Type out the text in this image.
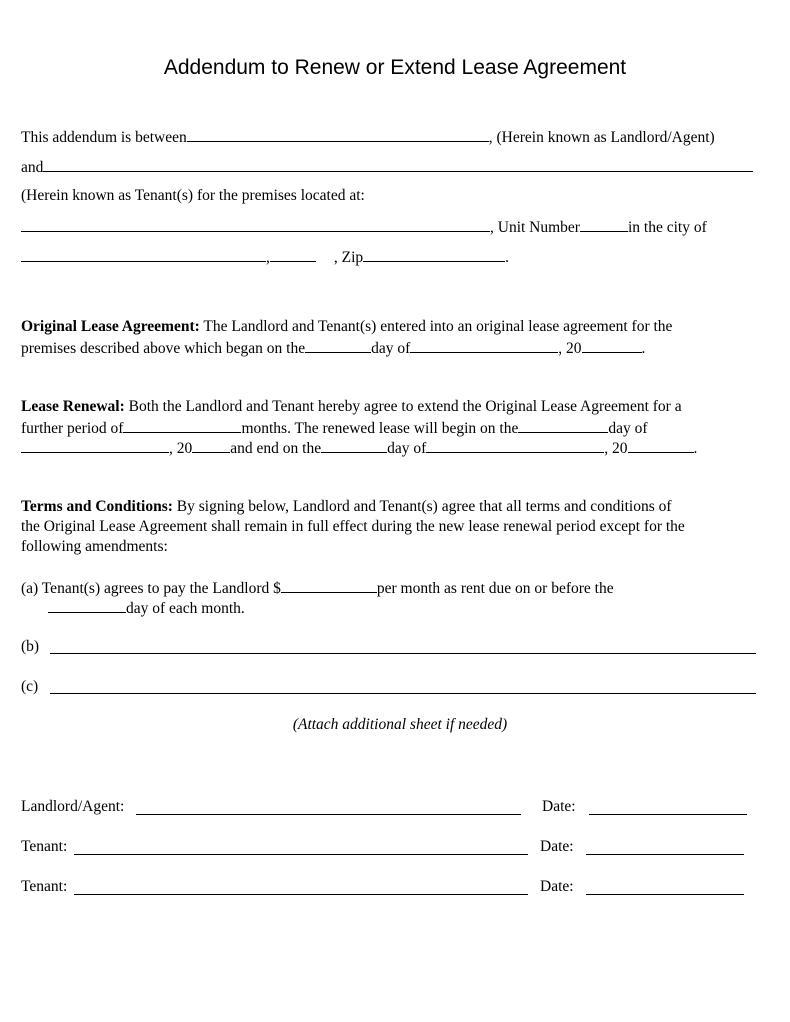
Addendum to Renew or Extend Lease Agreement
This addendum is between	, (Herein known as Landlord/Agent)
and
(Herein known as Tenant(s) for the premises located at:
, Unit Number	in the city of
,	, Zip	.
Original Lease Agreement: The Landlord and Tenant(s) entered into an original lease agreement for the
premises described above which began on the	day of	, 20	.
Lease Renewal: Both the Landlord and Tenant hereby agree to extend the Original Lease Agreement for a
further period of	months. The renewed lease will begin on the	day of
, 20 and end on the	day of	, 20	.
Terms and Conditions: By signing below, Landlord and Tenant(s) agree that all terms and conditions of
the Original Lease Agreement shall remain in full effect during the new lease renewal period except for the
following amendments:
(a) Tenant(s) agrees to pay the Landlord $	per month as rent due on or before the
day of each month.
(b)
(c)
(Attach additional sheet if needed)
Landlord/Agent:	Date:
Tenant:	Date:
Tenant:	Date:
